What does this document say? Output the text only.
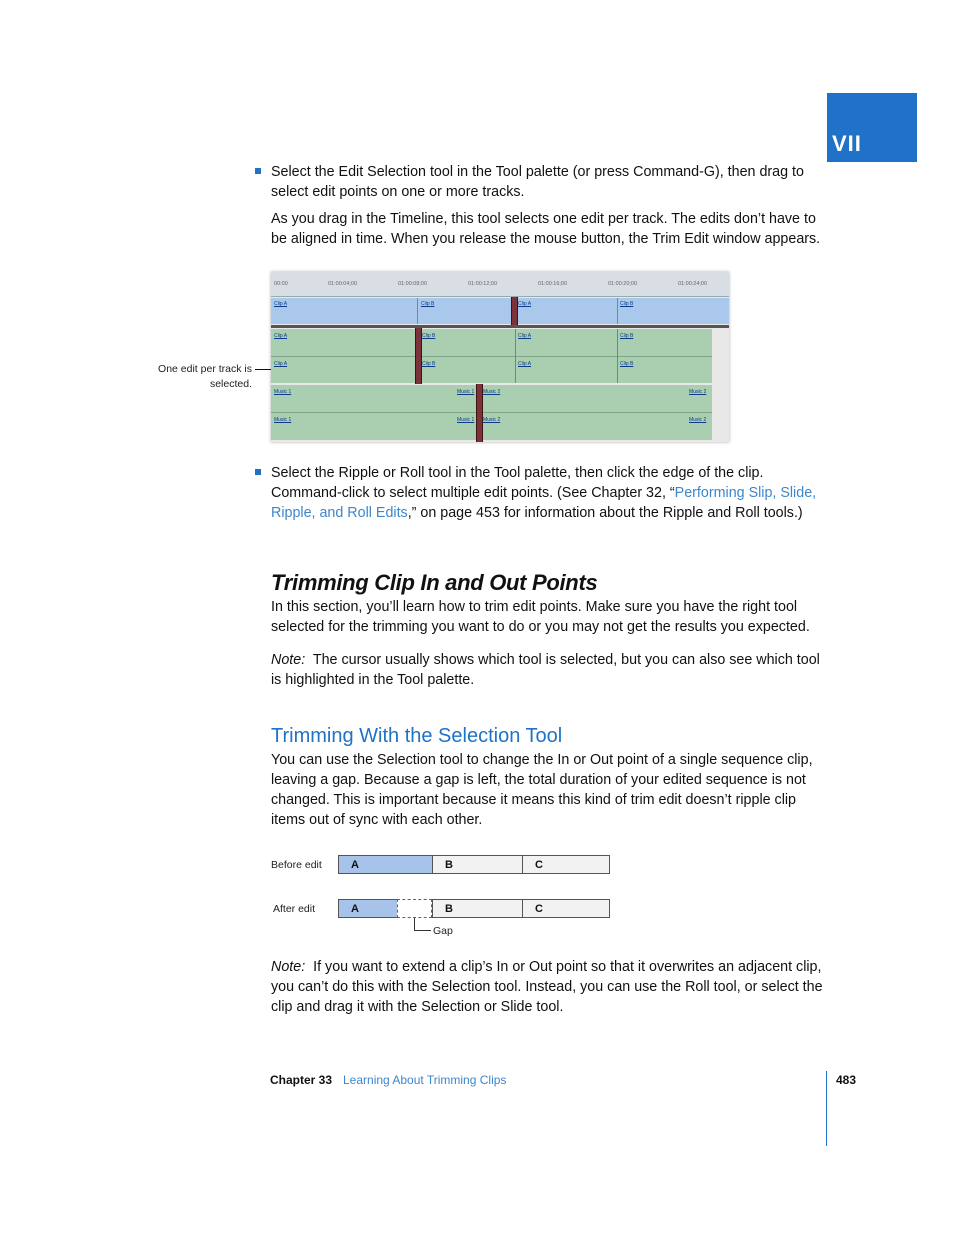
VII
Select the Edit Selection tool in the Tool palette (or press Command-G), then drag to
select edit points on one or more tracks.
As you drag in the Timeline, this tool selects one edit per track. The edits don’t have to
be aligned in time. When you release the mouse button, the Trim Edit window appears.
One edit per track is
selected.
00:00	01:00:04;00	01:00:08;00	01:00:12;00	01:00:16;00	01:00:20;00	01:00:24;00
Clip A	Clip B	Clip A	Clip B
Clip A
Clip A
Clip B
Clip B
Clip A
Clip A
Clip B
Clip B
Music 1
Music 1
Music 1
Music 1
Music 2
Music 2
Music 2
Music 2
Select the Ripple or Roll tool in the Tool palette, then click the edge of the clip.
Command-click to select multiple edit points. (See Chapter 32, “Performing Slip, Slide,
Ripple, and Roll Edits,” on page 453 for information about the Ripple and Roll tools.)
Trimming Clip In and Out Points
In this section, you’ll learn how to trim edit points. Make sure you have the right tool
selected for the trimming you want to do or you may not get the results you expected.
Note: The cursor usually shows which tool is selected, but you can also see which tool
is highlighted in the Tool palette.
Trimming With the Selection Tool
You can use the Selection tool to change the In or Out point of a single sequence clip,
leaving a gap. Because a gap is left, the total duration of your edited sequence is not
changed. This is important because it means this kind of trim edit doesn’t ripple clip
items out of sync with each other.
Before edit	A	B	C
After edit	A	B	C
Gap
Note: If you want to extend a clip’s In or Out point so that it overwrites an adjacent clip,
you can’t do this with the Selection tool. Instead, you can use the Roll tool, or select the
clip and drag it with the Selection or Slide tool.
Chapter 33 Learning About Trimming Clips	483
